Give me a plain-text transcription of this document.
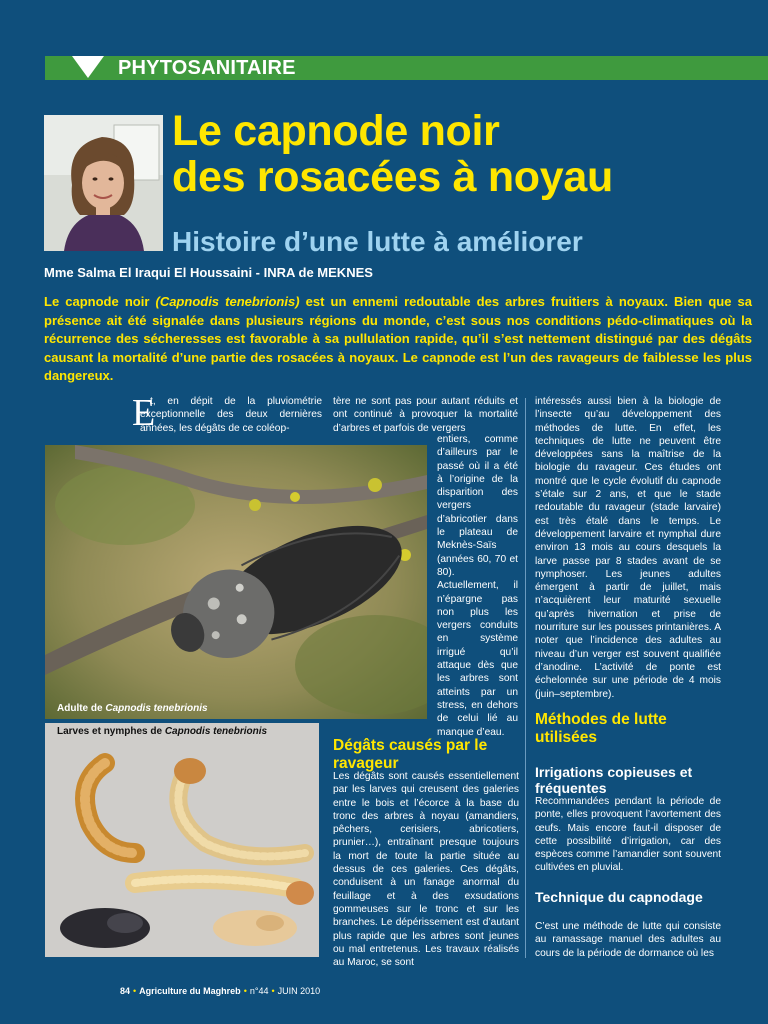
PHYTOSANITAIRE
Le capnode noir
des rosacées à noyau
Histoire d’une lutte à améliorer
Mme Salma El Iraqui El Houssaini - INRA de MEKNES
Le capnode noir (Capnodis tenebrionis) est un ennemi redoutable des arbres fruitiers à noyaux. Bien que sa présence ait été signalée dans plusieurs régions du monde, c’est sous nos conditions pédo-climatiques où la récurrence des sécheresses est favorable à sa pullulation rapide, qu’il s’est nettement distingué par des dégâts causant la mortalité d’une partie des rosacées à noyaux. Le capnode est l’un des ravageurs de faiblesse les plus dangereux.
E
t, en dépit de la pluviométrie exceptionnelle des deux dernières années, les dégâts de ce coléop-
tère ne sont pas pour autant réduits et ont continué à provoquer la mortalité d’arbres et parfois de vergers
entiers, comme d’ailleurs par le passé où il a été à l’origine de la disparition des vergers d’abricotier dans le plateau de Meknès-Saïs (années 60, 70 et 80). Actuellement, il n’épargne pas non plus les vergers conduits en système irrigué qu’il attaque dès que les arbres sont atteints par un stress, en dehors de celui lié au manque d’eau.
Dégâts causés par le ravageur
Les dégâts sont causés essentiellement par les larves qui creusent des galeries entre le bois et l’écorce à la base du tronc des arbres à noyau (amandiers, pêchers, cerisiers, abricotiers, prunier…), entraînant presque toujours la mort de toute la partie située au dessus de ces galeries. Ces dégâts, conduisent à un fanage anormal du feuillage et à des exsudations gommeuses sur le tronc et sur les branches. Le dépérissement est d’autant plus rapide que les arbres sont jeunes ou mal entretenus. Les travaux réalisés au Maroc, se sont
intéressés aussi bien à la biologie de l’insecte qu’au développement des méthodes de lutte. En effet, les techniques de lutte ne peuvent être développées sans la maîtrise de la biologie du ravageur. Ces études ont montré que le cycle évolutif du capnode s’étale sur 2 ans, et que le stade redoutable du ravageur (stade larvaire) est très étalé dans le temps. Le développement larvaire et nymphal dure environ 13 mois au cours desquels la larve passe par 8 stades avant de se nymphoser. Les jeunes adultes émergent à partir de juillet, mais n’acquièrent leur maturité sexuelle qu’après hivernation et prise de nourriture sur les pousses printanières. A noter que l’incidence des adultes au niveau d’un verger est souvent qualifiée d’anodine. L’activité de ponte est échelonnée sur une période de 4 mois (juin–septembre).
Méthodes de lutte utilisées
Irrigations copieuses et fréquentes
Recommandées pendant la période de ponte, elles provoquent l’avortement des œufs. Mais encore faut-il disposer de cette possibilité d’irrigation, car des espèces comme l’amandier sont souvent cultivées en pluvial.
Technique du capnodage
C’est une méthode de lutte qui consiste au ramassage manuel des adultes au cours de la période de dormance où les
Adulte de Capnodis tenebrionis
Larves et nymphes de Capnodis tenebrionis
84 • Agriculture du Maghreb • n°44 • JUIN 2010
